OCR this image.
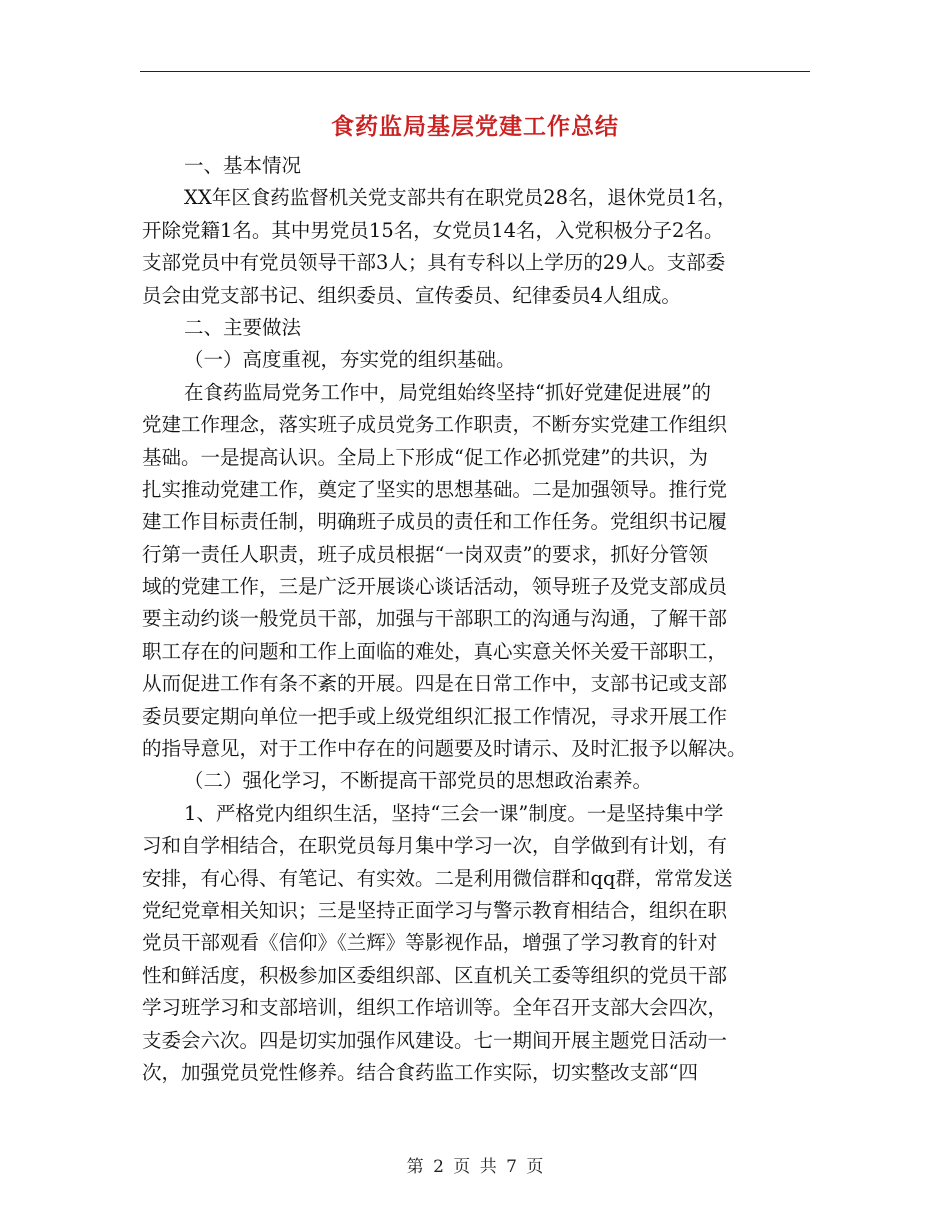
食药监局基层党建工作总结

一、基本情况

XX年区食药监督机关党支部共有在职党员28名，退休党员1名，

开除党籍1名。其中男党员15名，女党员14名，入党积极分子2名。

支部党员中有党员领导干部3人；具有专科以上学历的29人。支部委

员会由党支部书记、组织委员、宣传委员、纪律委员4人组成。

二、主要做法

（一）高度重视，夯实党的组织基础。

在食药监局党务工作中，局党组始终坚持“抓好党建促进展”的

党建工作理念，落实班子成员党务工作职责，不断夯实党建工作组织

基础。一是提高认识。全局上下形成“促工作必抓党建”的共识，为

扎实推动党建工作，奠定了坚实的思想基础。二是加强领导。推行党

建工作目标责任制，明确班子成员的责任和工作任务。党组织书记履

行第一责任人职责，班子成员根据“一岗双责”的要求，抓好分管领

域的党建工作，三是广泛开展谈心谈话活动，领导班子及党支部成员

要主动约谈一般党员干部，加强与干部职工的沟通与沟通，了解干部

职工存在的问题和工作上面临的难处，真心实意关怀关爱干部职工，

从而促进工作有条不紊的开展。四是在日常工作中，支部书记或支部

委员要定期向单位一把手或上级党组织汇报工作情况，寻求开展工作

的指导意见，对于工作中存在的问题要及时请示、及时汇报予以解决。

（二）强化学习，不断提高干部党员的思想政治素养。

1、严格党内组织生活，坚持“三会一课”制度。一是坚持集中学

习和自学相结合，在职党员每月集中学习一次，自学做到有计划，有

安排，有心得、有笔记、有实效。二是利用微信群和qq群，常常发送

党纪党章相关知识；三是坚持正面学习与警示教育相结合，组织在职

党员干部观看《信仰》《兰辉》等影视作品，增强了学习教育的针对

性和鲜活度，积极参加区委组织部、区直机关工委等组织的党员干部

学习班学习和支部培训，组织工作培训等。全年召开支部大会四次，

支委会六次。四是切实加强作风建设。七一期间开展主题党日活动一

次，加强党员党性修养。结合食药监工作实际，切实整改支部“四

第 2 页 共 7 页
